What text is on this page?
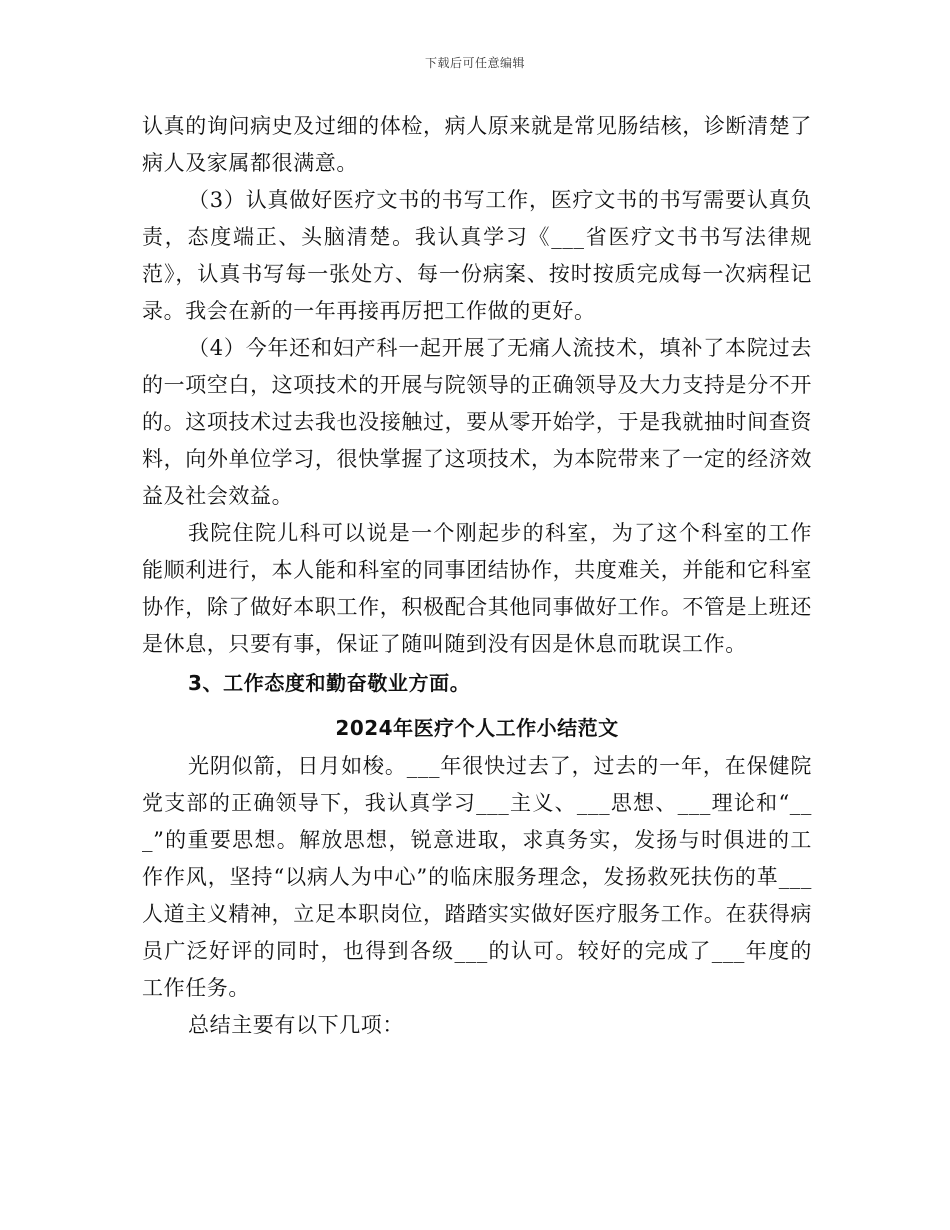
下载后可任意编辑

认真的询问病史及过细的体检，病人原来就是常见肠结核，诊断清楚了病人及家属都很满意。

（3）认真做好医疗文书的书写工作，医疗文书的书写需要认真负责，态度端正、头脑清楚。我认真学习《___省医疗文书书写法律规范》，认真书写每一张处方、每一份病案、按时按质完成每一次病程记录。我会在新的一年再接再厉把工作做的更好。

（4）今年还和妇产科一起开展了无痛人流技术，填补了本院过去的一项空白，这项技术的开展与院领导的正确领导及大力支持是分不开的。这项技术过去我也没接触过，要从零开始学，于是我就抽时间查资料，向外单位学习，很快掌握了这项技术，为本院带来了一定的经济效益及社会效益。

我院住院儿科可以说是一个刚起步的科室，为了这个科室的工作能顺利进行，本人能和科室的同事团结协作，共度难关，并能和它科室协作，除了做好本职工作，积极配合其他同事做好工作。不管是上班还是休息，只要有事，保证了随叫随到没有因是休息而耽误工作。

3、工作态度和勤奋敬业方面。

2024年医疗个人工作小结范文

光阴似箭，日月如梭。___年很快过去了，过去的一年，在保健院党支部的正确领导下，我认真学习___主义、___思想、___理论和“___”的重要思想。解放思想，锐意进取，求真务实，发扬与时俱进的工作作风，坚持“以病人为中心”的临床服务理念，发扬救死扶伤的革___人道主义精神，立足本职岗位，踏踏实实做好医疗服务工作。在获得病员广泛好评的同时，也得到各级___的认可。较好的完成了___年度的工作任务。

总结主要有以下几项：
